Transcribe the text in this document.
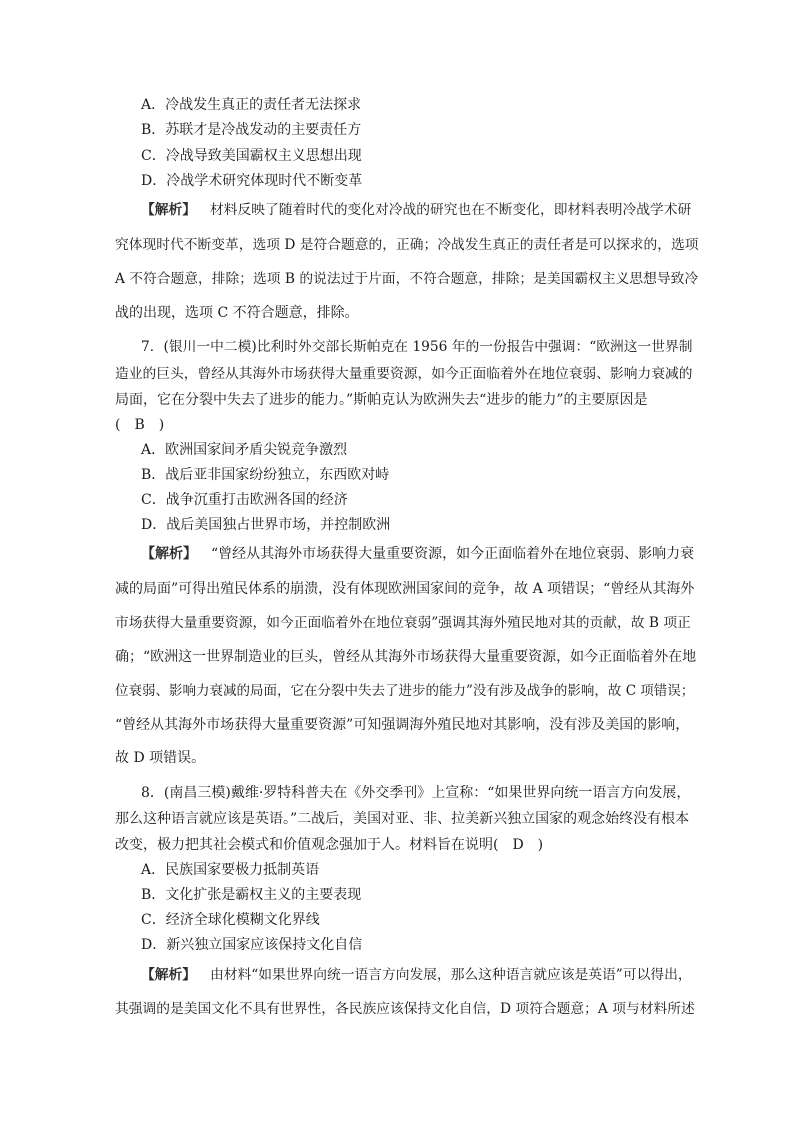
A．冷战发生真正的责任者无法探求
B．苏联才是冷战发动的主要责任方
C．冷战导致美国霸权主义思想出现
D．冷战学术研究体现时代不断变革
【解析】 材料反映了随着时代的变化对冷战的研究也在不断变化，即材料表明冷战学术研
究体现时代不断变革，选项 D 是符合题意的，正确；冷战发生真正的责任者是可以探求的，选项
A 不符合题意，排除；选项 B 的说法过于片面，不符合题意，排除；是美国霸权主义思想导致冷
战的出现，选项 C 不符合题意，排除。
7．(银川一中二模)比利时外交部长斯帕克在 1956 年的一份报告中强调：“欧洲这一世界制
造业的巨头，曾经从其海外市场获得大量重要资源，如今正面临着外在地位衰弱、影响力衰减的
局面，它在分裂中失去了进步的能力。”斯帕克认为欧洲失去“进步的能力”的主要原因是
(　B　)
A．欧洲国家间矛盾尖锐竞争激烈
B．战后亚非国家纷纷独立，东西欧对峙
C．战争沉重打击欧洲各国的经济
D．战后美国独占世界市场，并控制欧洲
【解析】 “曾经从其海外市场获得大量重要资源，如今正面临着外在地位衰弱、影响力衰
减的局面”可得出殖民体系的崩溃，没有体现欧洲国家间的竞争，故 A 项错误；“曾经从其海外
市场获得大量重要资源，如今正面临着外在地位衰弱”强调其海外殖民地对其的贡献，故 B 项正
确；“欧洲这一世界制造业的巨头，曾经从其海外市场获得大量重要资源，如今正面临着外在地
位衰弱、影响力衰减的局面，它在分裂中失去了进步的能力”没有涉及战争的影响，故 C 项错误；
“曾经从其海外市场获得大量重要资源”可知强调海外殖民地对其影响，没有涉及美国的影响，
故 D 项错误。
8．(南昌三模)戴维·罗特科普夫在《外交季刊》上宣称：“如果世界向统一语言方向发展，
那么这种语言就应该是英语。”二战后，美国对亚、非、拉美新兴独立国家的观念始终没有根本
改变，极力把其社会模式和价值观念强加于人。材料旨在说明(　D　)
A．民族国家要极力抵制英语
B．文化扩张是霸权主义的主要表现
C．经济全球化模糊文化界线
D．新兴独立国家应该保持文化自信
【解析】 由材料“如果世界向统一语言方向发展，那么这种语言就应该是英语”可以得出，
其强调的是美国文化不具有世界性，各民族应该保持文化自信，D 项符合题意；A 项与材料所述
